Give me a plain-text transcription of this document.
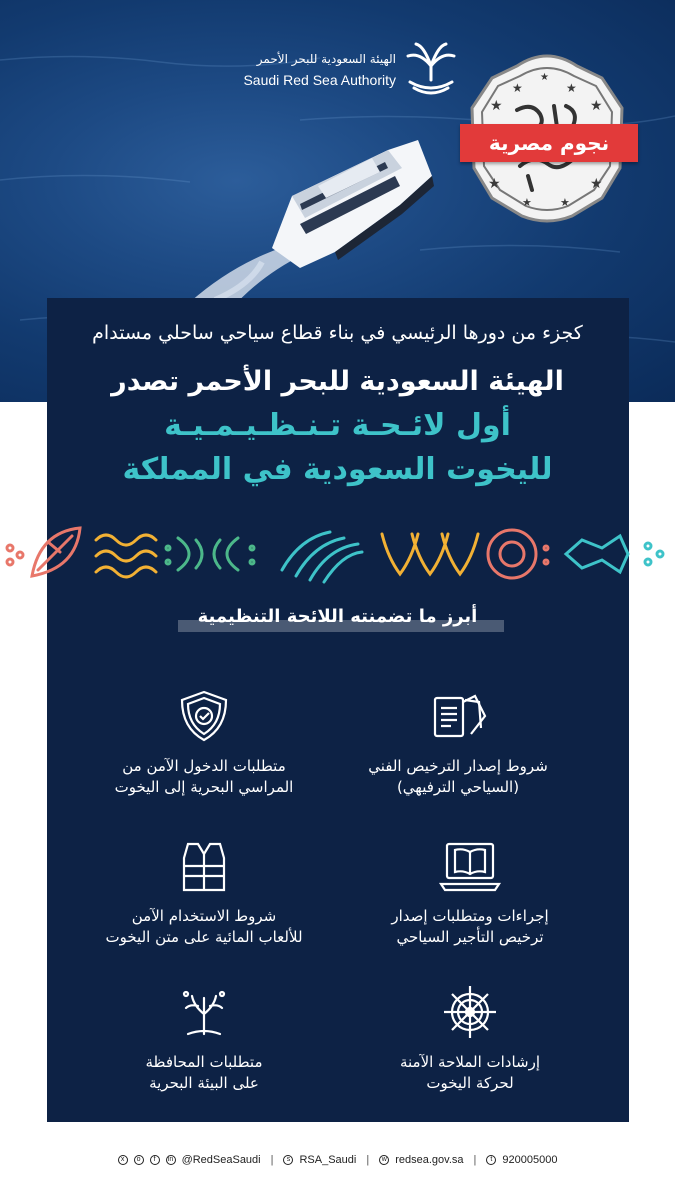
الهيئة السعودية للبحر الأحمر
Saudi Red Sea Authority
★
★	★
★
★	★
★	★
★
نجوم مصرية
كجزء من دورها الرئيسي في بناء قطاع سياحي ساحلي مستدام
الهيئة السعودية للبحر الأحمر تصدر
أول لائـحـة تـنـظـيـمـيـة
لليخوت السعودية في المملكة
أبرز ما تضمنته اللائحة التنظيمية
شروط إصدار الترخيص الفني
(السياحي الترفيهي)
متطلبات الدخول الآمن من
المراسي البحرية إلى اليخوت
إجراءات ومتطلبات إصدار
ترخيص التأجير السياحي
شروط الاستخدام الآمن
للألعاب المائية على متن اليخوت
إرشادات الملاحة الآمنة
لحركة اليخوت
متطلبات المحافظة
على البيئة البحرية
x	o	f	in @RedSeaSaudi |	s RSA_Saudi |	w redsea.gov.sa |	t 920005000
